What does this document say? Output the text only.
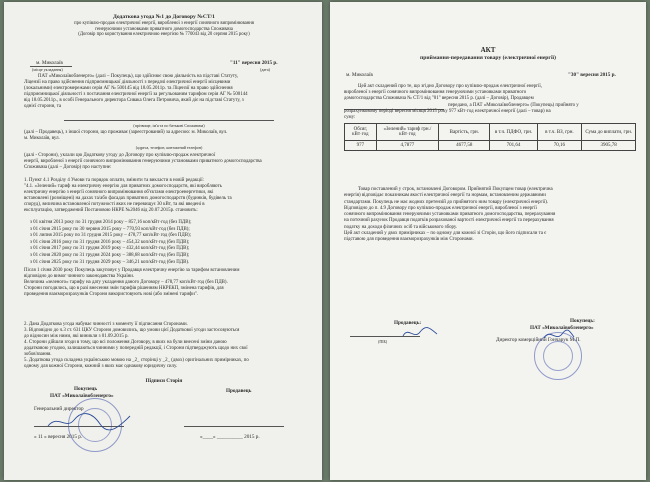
Додаткова угода №1 до Договору №СТ/1
про купівлю-продаж електричної енергії, виробленої з енергії сонячного випромінювання
генеруючими установками приватного домогосподарства Споживача
(Договір про користування електричною енергією № 770043 від 20 серпня 2015 року)
м. Миколаїв
(місце укладання)
"11" вересня 2015 р.
(дата)
ПАТ «Миколаївобленерго» (далі – Покупець), що здійснює свою діяльність на підставі Статуту,
Ліцензії на право здійснення підприємницької діяльності з передачі електричної енергії місцевими
(локальними) електромережами серія АГ № 500145 від 18.05.2011р. та Ліцензії на право здійснення
підприємницької діяльності з постачання електричної енергії за регульованим тарифом серія АГ № 500144
від 18.05.2011р., в особі Генерального директора Сивака Олега Петровича, який діє на підставі Статуту, з
однієї сторони, та
(прізвище, ім'я та по батькові Споживача)
(далі – Продавець), з іншої сторони, що проживає (зареєстрований) за адресою: м. Миколаїв, вул.
м. Миколаїв, вул.
(адреса, телефон, контактний телефон)
(далі - Сторони), уклали цю Додаткову угоду до Договору про купівлю-продаж електричної
енергії, виробленої з енергії сонячного випромінювання генеруючими установками приватного домогосподарства
Споживача (далі – Договір) про наступне:
1. Пункт 4.1 Розділу 4 Умови та порядок оплати, змінити та викласти в новій редакції:
"4.1. «Зелений» тариф на електричну енергію для приватних домогосподарств, які виробляють
електричну енергію з енергії сонячного випромінювання об'єктами електроенергетики, які
встановлені (розміщені) на дахах та/або фасадах приватних домогосподарств (будинків, будівель та
споруд), величина встановленої потужності яких не перевищує 30 кВт, та які введені в
експлуатацію, затверджений Постановою НКРЕ №2046 від 20.07.2015р. становить:
з 01 квітня 2013 року по 31 грудня 2014 року – 857,16 коп/кВт·год (без ПДВ);
з 01 січня 2015 року по 30 червня 2015 року – 770,93 коп/кВт·год (без ПДВ);
з 01 липня 2015 року по 31 грудня 2015 року – 478,77 коп/кВт·год (без ПДВ);
з 01 січня 2016 року по 31 грудня 2016 року – 454,32 коп/кВт·год (без ПДВ);
з 01 січня 2017 року по 31 грудня 2019 року – 432,44 коп/кВт·год (без ПДВ);
з 01 січня 2020 року по 31 грудня 2024 року – 388,68 коп/кВт·год (без ПДВ);
з 01 січня 2025 року по 31 грудня 2029 року – 346,21 коп/кВт·год (без ПДВ).
Після 1 січня 2030 року Покупець закуповує у Продавця електричну енергію за тарифом встановленим
відповідно до вимог чинного законодавства України.
Величина «зеленого» тарифу на дату укладення даного Договору – 478,77 коп/кВт·год (без ПДВ).
Сторони погодились, що в разі внесення змін тарифів рішенням НКРЕКП, змінена тарифів, для
проведення взаєморозрахунків Сторони використовують нові (або змінені тарифи".
2. Дана Додаткова угода набуває чинності з моменту її підписання Сторонами.
3. Відповідно до ч.3 ст. 631 ЦКУ Сторони домовились, що умови цієї Додаткової угоди застосовуються
до відносин між ними, які виникли з 01.09.2015 р.
4. Сторони дійшли згоди в тому, що всі положення Договору, в яких на були внесені зміни даною
додатковою угодою, залишаються чинними у попередній редакції, і Сторони підтверджують щодо них свої
зобов'язання.
5. Додаткова угода складена українською мовою на _2_ сторінці у _2_ (двох) оригінальних примірниках, по
одному для кожної Сторони, кожний з яких має однакову юридичну силу.
Підписи Сторін
Покупець
ПАТ «Миколаївобленерго»
Продавець
Генеральний директор
« 11 » вересня 2015 р.	«____» __________ 2015 р.
АКТ
приймання-передавання товару (електричної енергії)
м. Миколаїв	"30" вересня 2015 р.
Цей акт складений про те, що згідно Договору про купівлю-продаж електричної енергії,
виробленої з енергії сонячного випромінювання генеруючими установками приватного
домогосподарства Споживача № СТ/1 від "01" вересня 2015 р. (далі – Договір), Продавцем
передано, а ПАТ «Миколаївобленерго» (Покупець) прийнято у
розрахунковому періоді вересня місяця 2015 року 977 кВт·год електричної енергії (далі – товар) на
суму:
Обсяг, кВт·год	«Зелений» тариф грн./кВт·год	Вартість, грн.	в т.ч. ПДФО, грн.	в т.ч. ВЗ, грн.	Сума до виплати, грн.
977	4,7877	4677,58	701,64	70,16	3905,78
Товар поставлений у строк, встановлені Договором. Прийнятий Покупцем товар (електрична
енергія) відповідає показникам якості електричної енергії та нормам, встановленим державними
стандартами. Покупець не має жодних претензій до прийнятого ним товару (електричної енергії).
Відповідно до п. 4.9 Договору про купівлю-продаж електричної енергії, виробленої з енергії
сонячного випромінювання генеруючими установками приватного домогосподарства, перерахування
на поточний рахунок Продавця податків розрахованої вартості електричної енергії та перерахування
податку на доходи фізичних осіб та військового збору.
Цей акт складений у двох примірниках – по одному для кожної зі Сторін, що його підписали та є
підставою для проведення взаєморозрахунків між Сторонами.
Продавець:
(ПІБ)
Покупець:
ПАТ «Миколаївобленерго»
Директор комерційний Гончарук М.П.
